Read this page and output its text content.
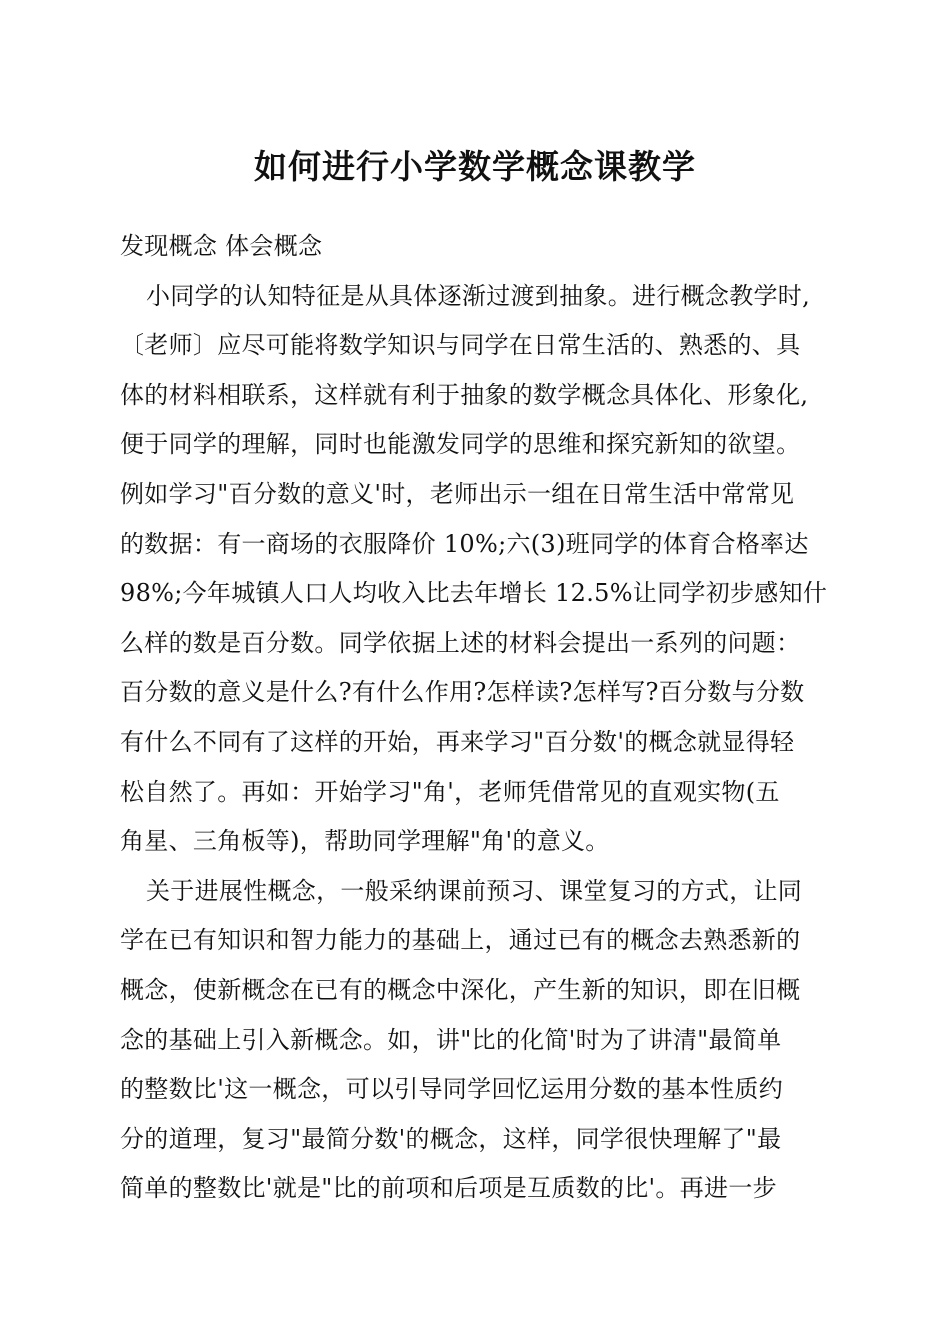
如何进行小学数学概念课教学
发现概念 体会概念
小同学的认知特征是从具体逐渐过渡到抽象。进行概念教学时,
〔老师〕应尽可能将数学知识与同学在日常生活的、熟悉的、具
体的材料相联系，这样就有利于抽象的数学概念具体化、形象化,
便于同学的理解，同时也能激发同学的思维和探究新知的欲望。
例如学习"百分数的意义'时，老师出示一组在日常生活中常常见
的数据：有一商场的衣服降价 10%;六(3)班同学的体育合格率达
98%;今年城镇人口人均收入比去年增长 12.5%让同学初步感知什
么样的数是百分数。同学依据上述的材料会提出一系列的问题：
百分数的意义是什么?有什么作用?怎样读?怎样写?百分数与分数
有什么不同有了这样的开始，再来学习"百分数'的概念就显得轻
松自然了。再如：开始学习"角'，老师凭借常见的直观实物(五
角星、三角板等)，帮助同学理解"角'的意义。
关于进展性概念，一般采纳课前预习、课堂复习的方式，让同
学在已有知识和智力能力的基础上，通过已有的概念去熟悉新的
概念，使新概念在已有的概念中深化，产生新的知识，即在旧概
念的基础上引入新概念。如，讲"比的化简'时为了讲清"最简单
的整数比'这一概念，可以引导同学回忆运用分数的基本性质约
分的道理，复习"最简分数'的概念，这样，同学很快理解了"最
简单的整数比'就是"比的前项和后项是互质数的比'。再进一步
